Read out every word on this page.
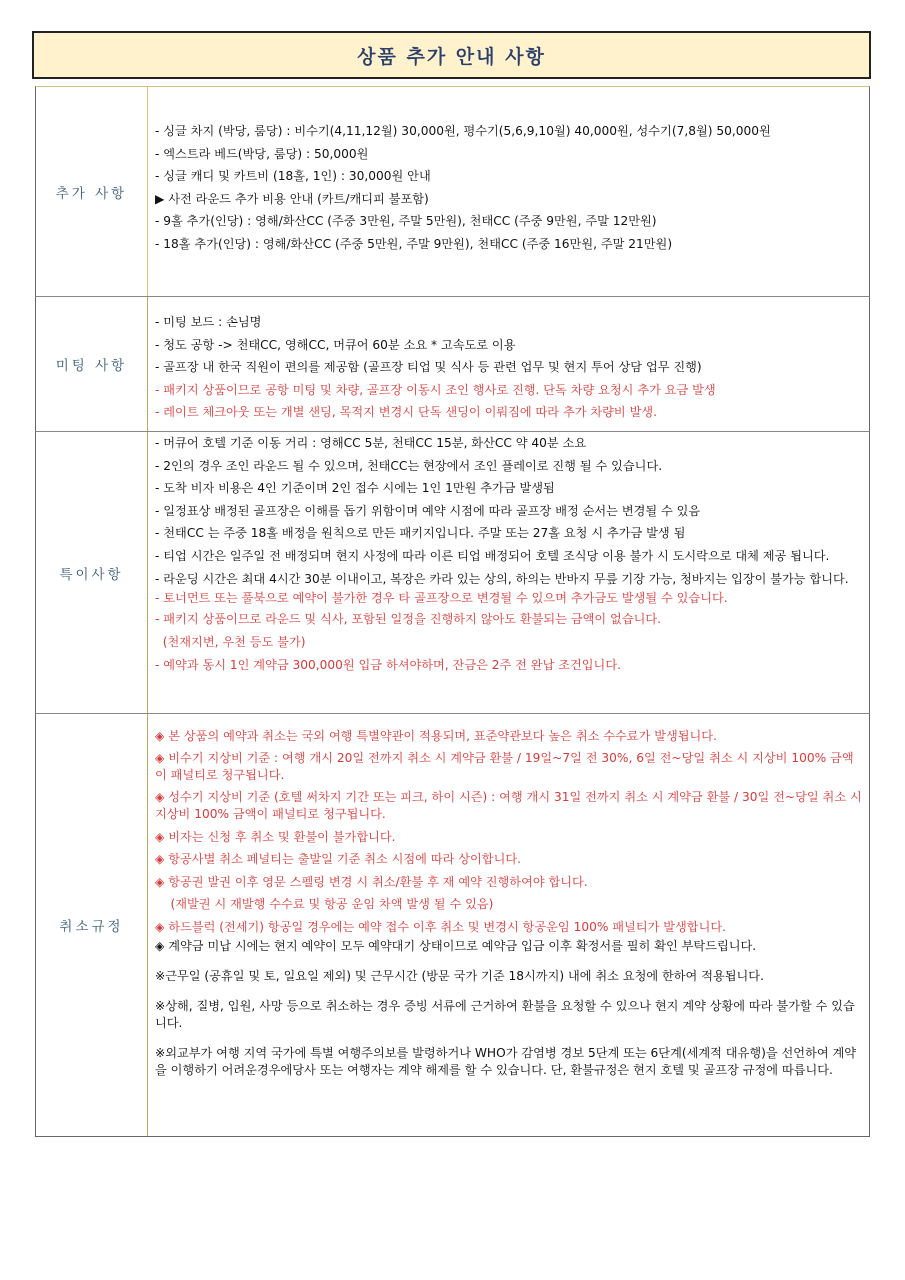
상품 추가 안내 사항
추가 사항

- 싱글 차지 (박당, 룸당) : 비수기(4,11,12월) 30,000원, 평수기(5,6,9,10월) 40,000원, 성수기(7,8월) 50,000원

- 엑스트라 베드(박당, 룸당) : 50,000원

- 싱글 캐디 및 카트비 (18홀, 1인) : 30,000원 안내

▶ 사전 라운드 추가 비용 안내 (카트/캐디피 불포함)

- 9홀 추가(인당) : 영해/화산CC (주중 3만원, 주말 5만원), 천태CC (주중 9만원, 주말 12만원)

- 18홀 추가(인당) : 영해/화산CC (주중 5만원, 주말 9만원), 천태CC (주중 16만원, 주말 21만원)

미팅 사항

- 미팅 보드 : 손님명

- 청도 공항 -> 천태CC, 영해CC, 머큐어 60분 소요 * 고속도로 이용

- 골프장 내 한국 직원이 편의를 제공함 (골프장 티업 및 식사 등 관련 업무 및 현지 투어 상담 업무 진행)

- 패키지 상품이므로 공항 미팅 및 차량, 골프장 이동시 조인 행사로 진행. 단독 차량 요청시 추가 요금 발생

- 레이트 체크아웃 또는 개별 샌딩, 목적지 변경시 단독 샌딩이 이뤄짐에 따라 추가 차량비 발생.

특이사항

- 머큐어 호텔 기준 이동 거리 : 영해CC 5분, 천태CC 15분, 화산CC 약 40분 소요

- 2인의 경우 조인 라운드 될 수 있으며, 천태CC는 현장에서 조인 플레이로 진행 될 수 있습니다.

- 도착 비자 비용은 4인 기준이며 2인 접수 시에는 1인 1만원 추가금 발생됨

- 일정표상 배정된 골프장은 이해를 돕기 위함이며 예약 시점에 따라 골프장 배정 순서는 변경될 수 있음

- 천태CC 는 주중 18홀 배정을 원칙으로 만든 패키지입니다. 주말 또는 27홀 요청 시 추가금 발생 됨

- 티업 시간은 일주일 전 배정되며 현지 사정에 따라 이른 티업 배정되어 호텔 조식당 이용 불가 시 도시락으로 대체 제공 됩니다.

- 라운딩 시간은 최대 4시간 30분 이내이고, 복장은 카라 있는 상의, 하의는 반바지 무릎 기장 가능, 청바지는 입장이 불가능 합니다.

- 토너먼트 또는 풀북으로 예약이 불가한 경우 타 골프장으로 변경될 수 있으며 추가금도 발생될 수 있습니다.

- 패키지 상품이므로 라운드 및 식사, 포함된 일정을 진행하지 않아도 환불되는 금액이 없습니다.

(천재지변, 우천 등도 불가)

- 예약과 동시 1인 계약금 300,000원 입금 하셔야하며, 잔금은 2주 전 완납 조건입니다.

취소규정

◈ 본 상품의 예약과 취소는 국외 여행 특별약관이 적용되며, 표준약관보다 높은 취소 수수료가 발생됩니다.

◈ 비수기 지상비 기준 : 여행 개시 20일 전까지 취소 시 계약금 환불 / 19일~7일 전 30%, 6일 전~당일 취소 시 지상비 100% 금액이 패널티로 청구됩니다.

◈ 성수기 지상비 기준 (호텔 써차지 기간 또는 피크, 하이 시즌) : 여행 개시 31일 전까지 취소 시 계약금 환불 / 30일 전~당일 취소 시 지상비 100% 금액이 패널티로 청구됩니다.

◈ 비자는 신청 후 취소 및 환불이 불가합니다.

◈ 항공사별 취소 페널티는 출발일 기준 취소 시점에 따라 상이합니다.

◈ 항공권 발권 이후 영문 스펠링 변경 시 취소/환불 후 재 예약 진행하여야 합니다.

(재발권 시 재발행 수수료 및 항공 운임 차액 발생 될 수 있음)

◈ 하드블럭 (전세기) 항공일 경우에는 예약 접수 이후 취소 및 변경시 항공운임 100% 패널티가 발생합니다.

◈ 계약금 미납 시에는 현지 예약이 모두 예약대기 상태이므로 예약금 입금 이후 확정서를 필히 확인 부탁드립니다.

※근무일 (공휴일 및 토, 일요일 제외) 및 근무시간 (방문 국가 기준 18시까지) 내에 취소 요청에 한하여 적용됩니다.

※상해, 질병, 입원, 사망 등으로 취소하는 경우 증빙 서류에 근거하여 환불을 요청할 수 있으나 현지 계약 상황에 따라 불가할 수 있습니다.

※외교부가 여행 지역 국가에 특별 여행주의보를 발령하거나 WHO가 감염병 경보 5단계 또는 6단계(세계적 대유행)을 선언하여 계약을 이행하기 어려운경우에당사 또는 여행자는 계약 해제를 할 수 있습니다. 단, 환불규정은 현지 호텔 및 골프장 규정에 따릅니다.
